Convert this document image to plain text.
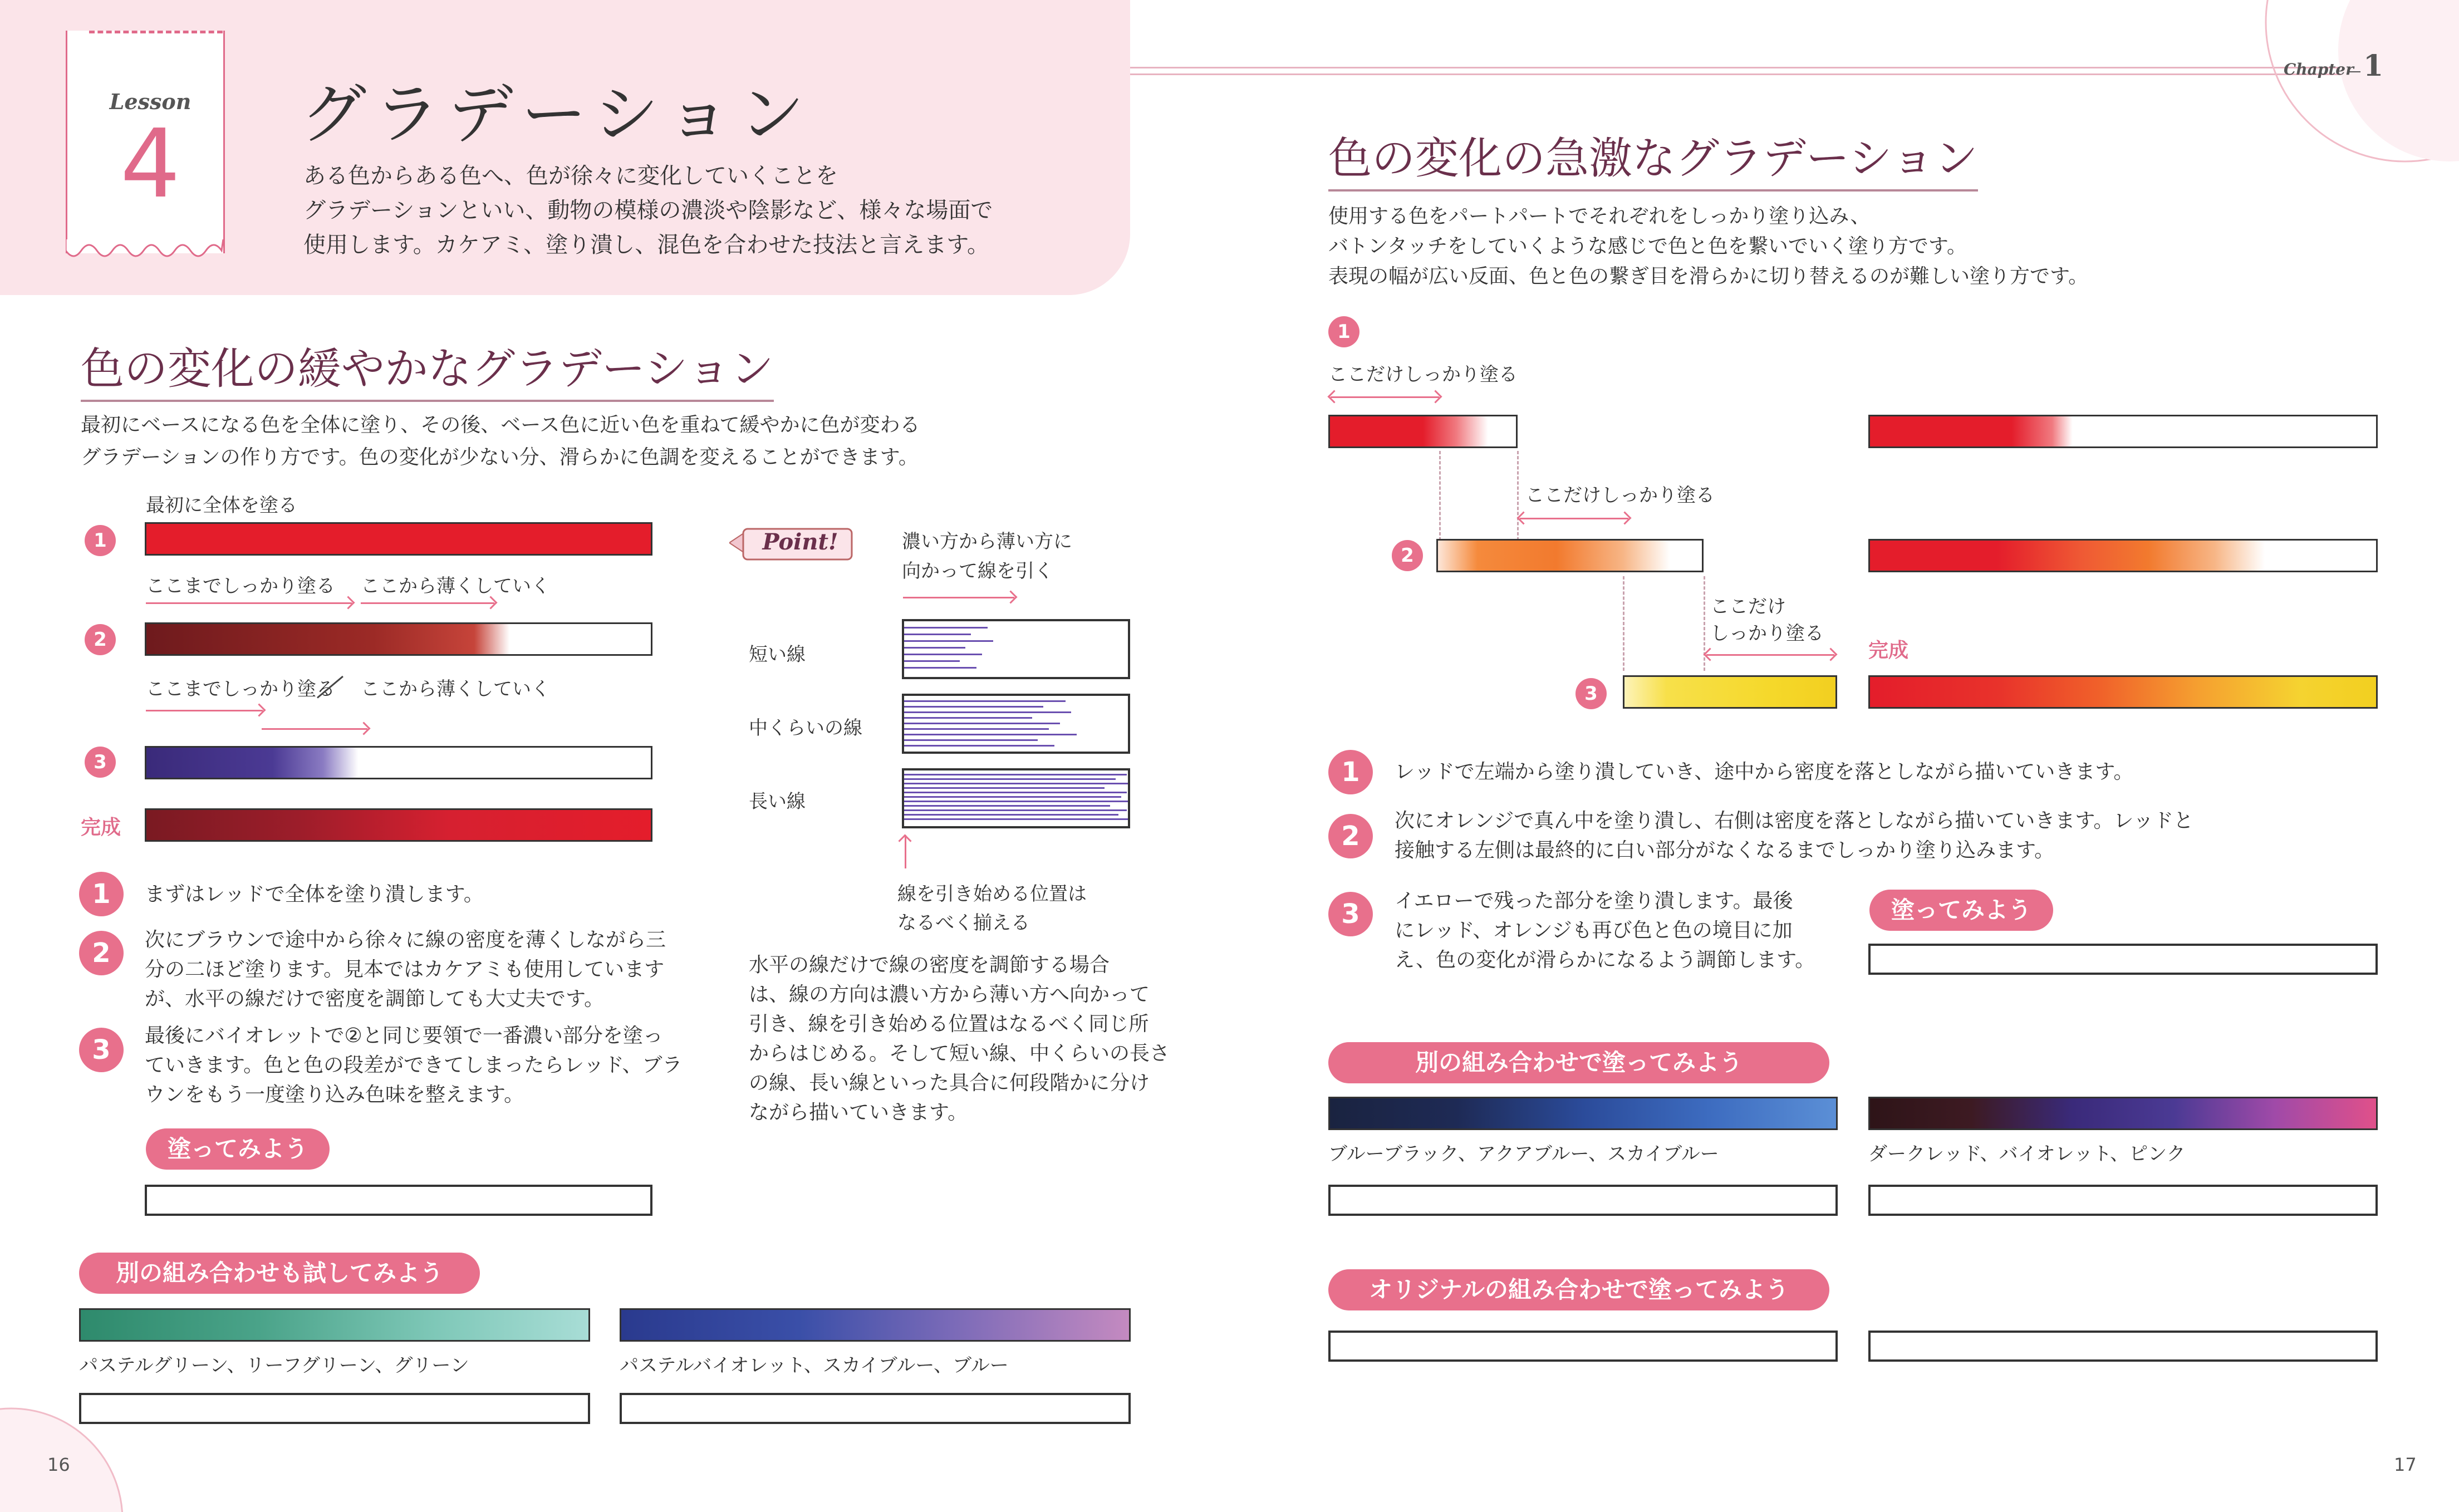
Lesson
4	グラデーション
ある色からある色へ、色が徐々に変化していくことを
グラデーションといい、動物の模様の濃淡や陰影など、様々な場面で
使用します。カケアミ、塗り潰し、混色を合わせた技法と言えます。
色の変化の緩やかなグラデーション
最初にベースになる色を全体に塗り、その後、ベース色に近い色を重ねて緩やかに色が変わる
グラデーションの作り方です。色の変化が少ない分、滑らかに色調を変えることができます。
最初に全体を塗る
1
ここまでしっかり塗る ここから薄くしていく
2
ここまでしっかり塗る ここから薄くしていく
3
完成
1	まずはレッドで全体を塗り潰します。
2	次にブラウンで途中から徐々に線の密度を薄くしながら三
分の二ほど塗ります。見本ではカケアミも使用しています
が、水平の線だけで密度を調節しても大丈夫です。
3	最後にバイオレットで②と同じ要領で一番濃い部分を塗っ
ていきます。色と色の段差ができてしまったらレッド、ブラ
ウンをもう一度塗り込み色味を整えます。
塗ってみよう
別の組み合わせも試してみよう
パステルグリーン、リーフグリーン、グリーン	パステルバイオレット、スカイブルー、ブルー
Point!	濃い方から薄い方に
向かって線を引く
短い線
中くらいの線
長い線
線を引き始める位置は
なるべく揃える
水平の線だけで線の密度を調節する場合
は、線の方向は濃い方から薄い方へ向かって
引き、線を引き始める位置はなるべく同じ所
からはじめる。そして短い線、中くらいの長さ
の線、長い線といった具合に何段階かに分け
ながら描いていきます。
16
Chapter 1
色の変化の急激なグラデーション
使用する色をパートパートでそれぞれをしっかり塗り込み、
バトンタッチをしていくような感じで色と色を繋いでいく塗り方です。
表現の幅が広い反面、色と色の繋ぎ目を滑らかに切り替えるのが難しい塗り方です。
1
ここだけしっかり塗る
ここだけしっかり塗る
2
ここだけ
しっかり塗る
3
完成
1	レッドで左端から塗り潰していき、途中から密度を落としながら描いていきます。
2	次にオレンジで真ん中を塗り潰し、右側は密度を落としながら描いていきます。レッドと
接触する左側は最終的に白い部分がなくなるまでしっかり塗り込みます。
3	イエローで残った部分を塗り潰します。最後
にレッド、オレンジも再び色と色の境目に加
え、色の変化が滑らかになるよう調節します。
塗ってみよう
別の組み合わせで塗ってみよう
ブルーブラック、アクアブルー、スカイブルー	ダークレッド、バイオレット、ピンク
オリジナルの組み合わせで塗ってみよう
17
